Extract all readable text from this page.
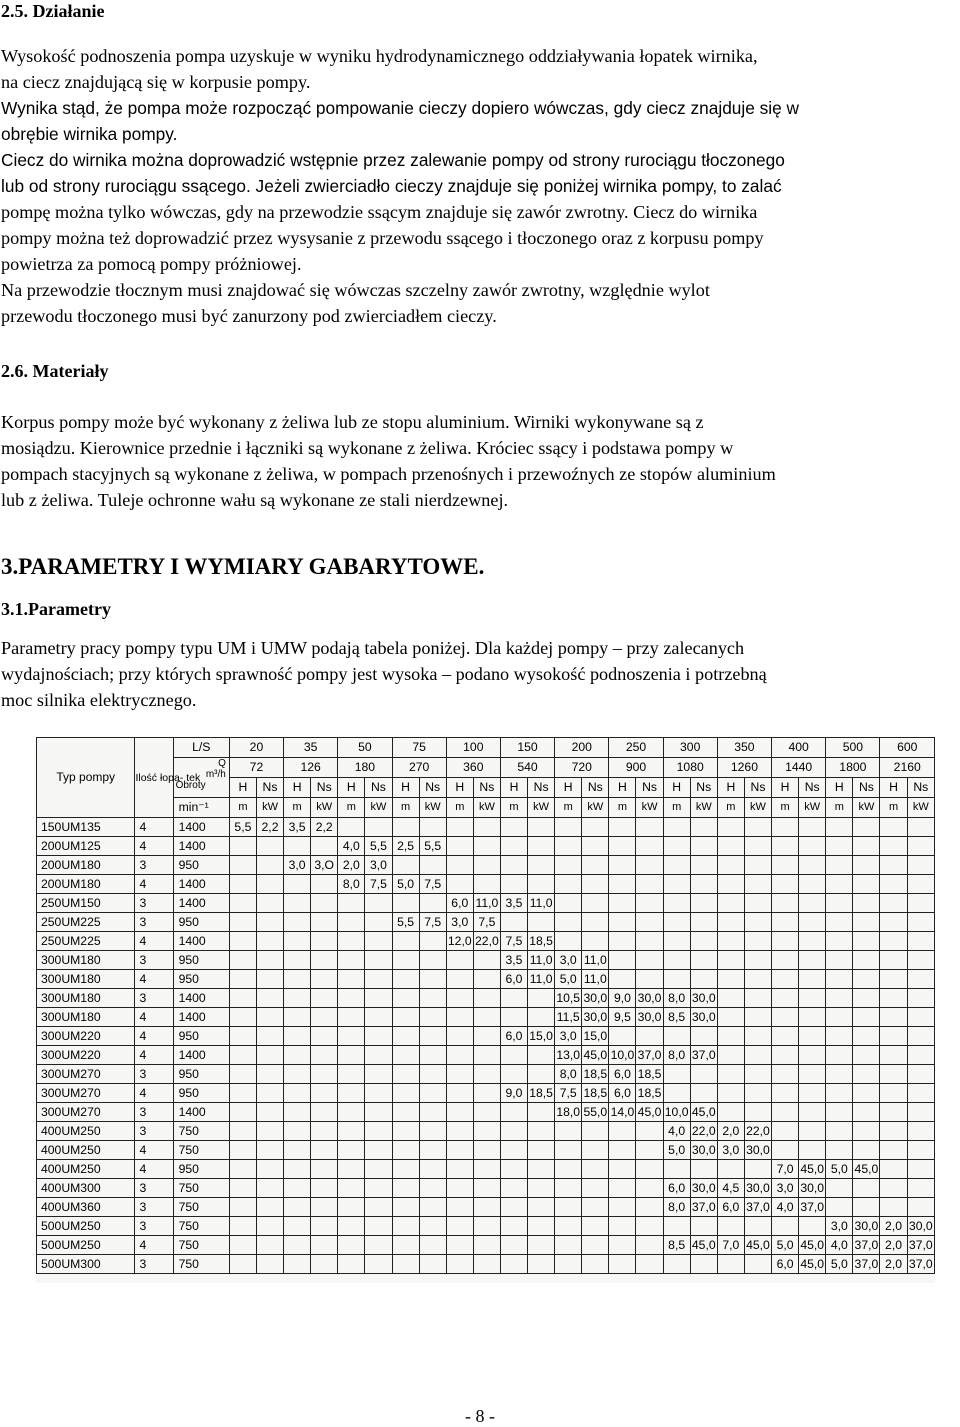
2.5. Działanie
Wysokość podnoszenia pompa uzyskuje w wyniku hydrodynamicznego oddziaływania łopatek wirnika,
na ciecz znajdującą się w korpusie pompy.
Wynika stąd, że pompa może rozpocząć pompowanie cieczy dopiero wówczas, gdy ciecz znajduje się w
obrębie wirnika pompy.
Ciecz do wirnika można doprowadzić wstępnie przez zalewanie pompy od strony rurociągu tłoczonego
lub od strony rurociągu ssącego. Jeżeli zwierciadło cieczy znajduje się poniżej wirnika pompy, to zalać
pompę można tylko wówczas, gdy na przewodzie ssącym znajduje się zawór zwrotny. Ciecz do wirnika
pompy można też doprowadzić przez wysysanie z przewodu ssącego i tłoczonego oraz z korpusu pompy
powietrza za pomocą pompy próżniowej.
Na przewodzie tłocznym musi znajdować się wówczas szczelny zawór zwrotny, względnie wylot
przewodu tłoczonego musi być zanurzony pod zwierciadłem cieczy.
2.6. Materiały
Korpus pompy może być wykonany z żeliwa lub ze stopu aluminium. Wirniki wykonywane są z
mosiądzu. Kierownice przednie i łączniki są wykonane z żeliwa. Króciec ssący i podstawa pompy w
pompach stacyjnych są wykonane z żeliwa, w pompach przenośnych i przewoźnych ze stopów aluminium
lub z żeliwa. Tuleje ochronne wału są wykonane ze stali nierdzewnej.
3.PARAMETRY I WYMIARY GABARYTOWE.
3.1.Parametry
Parametry pracy pompy typu UM i UMW podają tabela poniżej. Dla każdej pompy – przy zalecanych
wydajnościach; przy których sprawność pompy jest wysoka – podano wysokość podnoszenia i potrzebną
moc silnika elektrycznego.
Typ pompy	Ilość łopa- tek	L/S	20		35		50		75		100		150		200		250		300		350		400		500		600	

		Q
m³/h
Obroty	72		126		180		270		360		540		720		900		1080		1260		1440		1800		2160	
			H	Ns	H	Ns	H	Ns	H	Ns	H	Ns	H	Ns	H	Ns	H	Ns	H	Ns	H	Ns	H	Ns	H	Ns	H	Ns
		min⁻¹	m	kW	m	kW	m	kW	m	kW	m	kW	m	kW	m	kW	m	kW	m	kW	m	kW	m	kW	m	kW	m	kW
150UM135	4	1400	5,5	2,2	3,5	2,2																						
200UM125	4	1400					4,0	5,5	2,5	5,5																		
200UM180	3	950			3,0	3,O	2,0	3,0																				
200UM180	4	1400					8,0	7,5	5,0	7,5																		
250UM150	3	1400									6,0	11,0	3,5	11,0														
250UM225	3	950							5,5	7,5	3,0	7,5																
250UM225	4	1400									12,0	22,0	7,5	18,5														
300UM180	3	950											3,5	11,0	3,0	11,0												
300UM180	4	950											6,0	11,0	5,0	11,0												
300UM180	3	1400													10,5	30,0	9,0	30,0	8,0	30,0								
300UM180	4	1400													11,5	30,0	9,5	30,0	8,5	30,0								
300UM220	4	950											6,0	15,0	3,0	15,0												
300UM220	4	1400													13,0	45,0	10,0	37,0	8,0	37,0								
300UM270	3	950													8,0	18,5	6,0	18,5										
300UM270	4	950											9,0	18,5	7,5	18,5	6,0	18,5										
300UM270	3	1400													18,0	55,0	14,0	45,0	10,0	45,0								
400UM250	3	750																	4,0	22,0	2,0	22,0						
400UM250	4	750																	5,0	30,0	3,0	30,0						
400UM250	4	950																					7,0	45,0	5,0	45,0		
400UM300	3	750																	6,0	30,0	4,5	30,0	3,0	30,0				
400UM360	3	750																	8,0	37,0	6,0	37,0	4,0	37,0				
500UM250	3	750																							3,0	30,0	2,0	30,0
500UM250	4	750																	8,5	45,0	7,0	45,0	5,0	45,0	4,0	37,0	2,0	37,0
500UM300	3	750																					6,0	45,0	5,0	37,0	2,0	37,0
- 8 -
